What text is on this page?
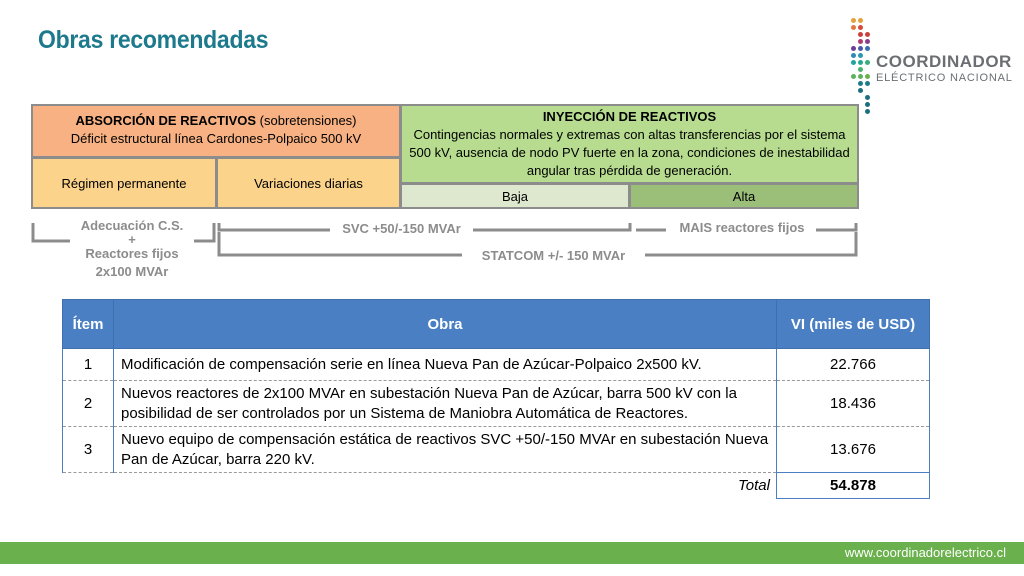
Obras recomendadas
COORDINADOR
ELÉCTRICO NACIONAL
ABSORCIÓN DE REACTIVOS (sobretensiones)
Déficit estructural línea Cardones-Polpaico 500 kV
Régimen permanente	Variaciones diarias
INYECCIÓN DE REACTIVOS
Contingencias normales y extremas con altas transferencias por el sistema 500 kV, ausencia de nodo PV fuerte en la zona, condiciones de inestabilidad angular tras pérdida de generación.
Baja	Alta
Adecuación C.S.
+
Reactores fijos
2x100 MVAr
SVC +50/-150 MVAr	MAIS reactores fijos
STATCOM +/- 150 MVAr
Ítem	Obra	VI (miles de USD)
1	Modificación de compensación serie en línea Nueva Pan de Azúcar-Polpaico 2x500 kV.	22.766
2	Nuevos reactores de 2x100 MVAr en subestación Nueva Pan de Azúcar, barra 500 kV con la posibilidad de ser controlados por un Sistema de Maniobra Automática de Reactores.	18.436
3	Nuevo equipo de compensación estática de reactivos SVC +50/-150 MVAr en subestación Nueva Pan de Azúcar, barra 220 kV.	13.676
	Total	54.878
www.coordinadorelectrico.cl
